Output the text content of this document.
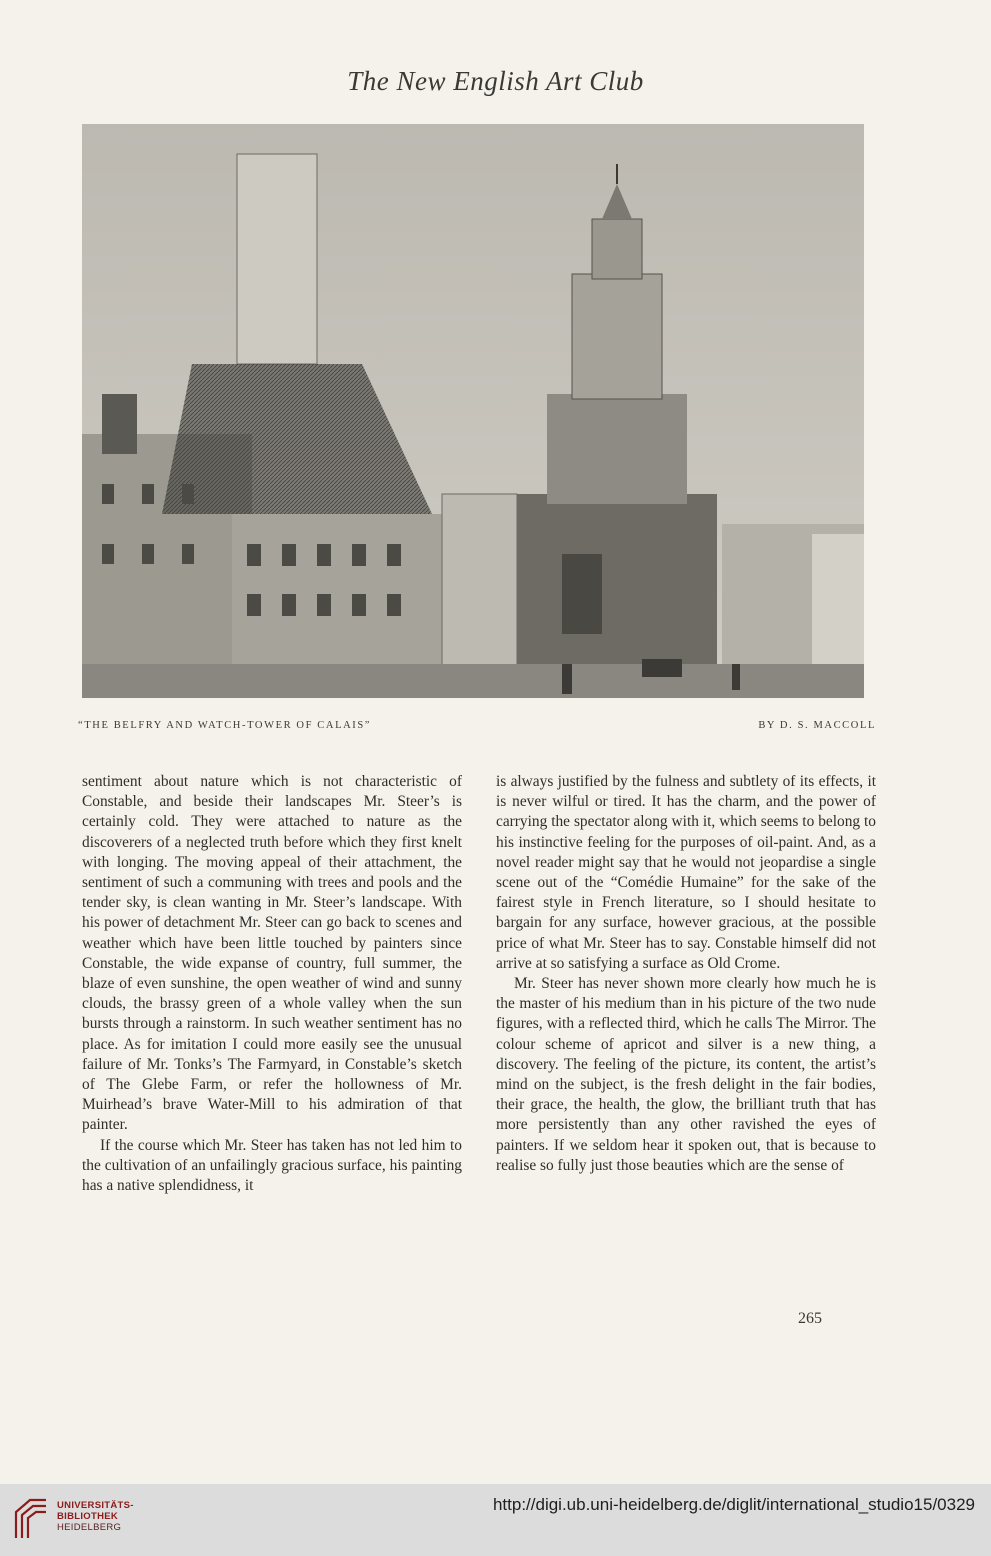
The New English Art Club
“THE BELFRY AND WATCH-TOWER OF CALAIS”	BY D. S. MACCOLL

sentiment about nature which is not characteristic of Constable, and beside their landscapes Mr. Steer’s is certainly cold. They were attached to nature as the discoverers of a neglected truth before which they first knelt with longing. The moving appeal of their attachment, the sentiment of such a communing with trees and pools and the tender sky, is clean wanting in Mr. Steer’s landscape. With his power of detachment Mr. Steer can go back to scenes and weather which have been little touched by painters since Constable, the wide expanse of country, full summer, the blaze of even sunshine, the open weather of wind and sunny clouds, the brassy green of a whole valley when the sun bursts through a rainstorm. In such weather sentiment has no place. As for imitation I could more easily see the unusual failure of Mr. Tonks’s The Farmyard, in Constable’s sketch of The Glebe Farm, or refer the hollowness of Mr. Muirhead’s brave Water-Mill to his admiration of that painter.

If the course which Mr. Steer has taken has not led him to the cultivation of an unfailingly gracious surface, his painting has a native splendidness, it

is always justified by the fulness and subtlety of its effects, it is never wilful or tired. It has the charm, and the power of carrying the spectator along with it, which seems to belong to his instinctive feeling for the purposes of oil-paint. And, as a novel reader might say that he would not jeopardise a single scene out of the “Comédie Humaine” for the sake of the fairest style in French literature, so I should hesitate to bargain for any surface, however gracious, at the possible price of what Mr. Steer has to say. Constable himself did not arrive at so satisfying a surface as Old Crome.

Mr. Steer has never shown more clearly how much he is the master of his medium than in his picture of the two nude figures, with a reflected third, which he calls The Mirror. The colour scheme of apricot and silver is a new thing, a discovery. The feeling of the picture, its content, the artist’s mind on the subject, is the fresh delight in the fair bodies, their grace, the health, the glow, the brilliant truth that has more persistently than any other ravished the eyes of painters. If we seldom hear it spoken out, that is because to realise so fully just those beauties which are the sense of

265
UNIVERSITÄTS-
BIBLIOTHEK
HEIDELBERG
http://digi.ub.uni-heidelberg.de/diglit/international_studio15/0329
